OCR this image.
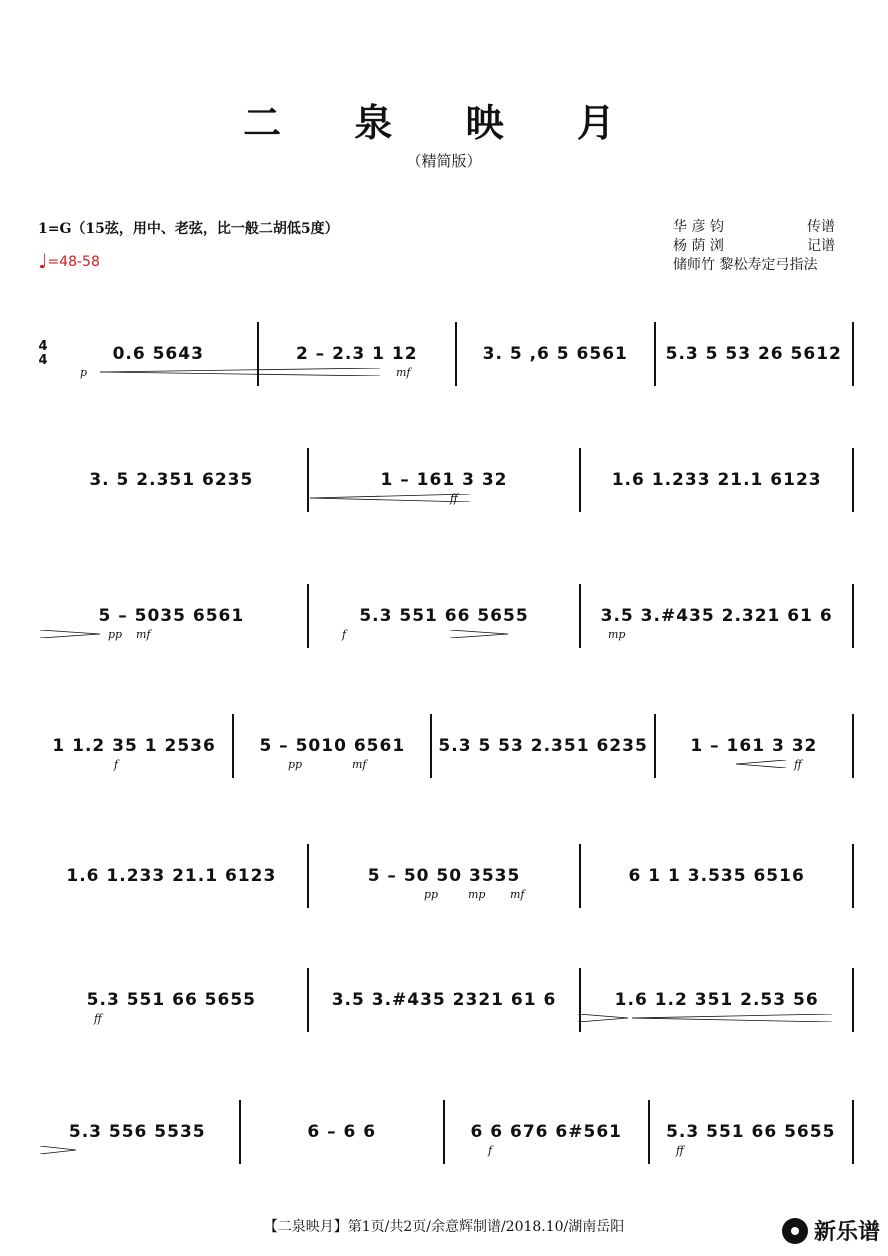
二 泉 映 月
（精简版）
1=G（15弦，用中、老弦，比一般二胡低5度）
♩=48-58
华 彦 钧	传谱
杨 荫 浏	记谱
储师竹 黎松寿定弓指法
4
4	0.6 5643	2 – 2.3 1 12	3. 5 ,6 5 6561 5.3 5 53 26 5612
p	mf
3. 5 2.351 6235	1 – 161 3 32	1.6 1.233 21.1 6123
ff
5 – 5035 6561	5.3 551 66 5655	3.5 3.#435 2.321 61 6
pp mf	f	mp
1 1.2 35 1 2536	5 – 5010 6561 5.3 5 53 2.351 6235	1 – 161 3 32
f	pp	mf	ff
1.6 1.233 21.1 6123	5 – 50 50 3535	6 1 1 3.535 6516
pp	mp mf
5.3 551 66 5655	3.5 3.#435 2321 61 6	1.6 1.2 351 2.53 56
ff
5.3 556 5535	6 – 6 6	6 6 676 6#561	5.3 551 66 5655
f	ff
【二泉映月】第1页/共2页/余意辉制谱/2018.10/湖南岳阳	新乐谱
